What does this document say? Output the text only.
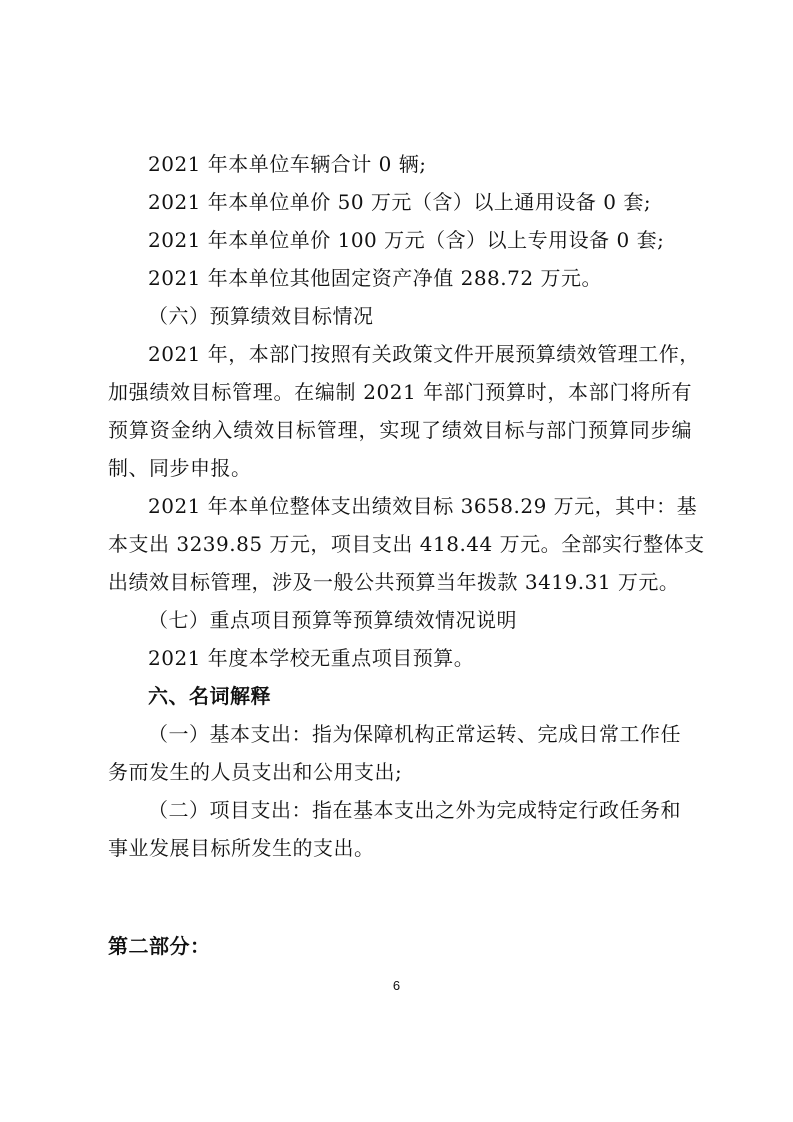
2021 年本单位车辆合计 0 辆;

2021 年本单位单价 50 万元（含）以上通用设备 0 套;

2021 年本单位单价 100 万元（含）以上专用设备 0 套;

2021 年本单位其他固定资产净值 288.72 万元。

（六）预算绩效目标情况

2021 年，本部门按照有关政策文件开展预算绩效管理工作，

加强绩效目标管理。在编制 2021 年部门预算时，本部门将所有

预算资金纳入绩效目标管理，实现了绩效目标与部门预算同步编

制、同步申报。

2021 年本单位整体支出绩效目标 3658.29 万元，其中：基

本支出 3239.85 万元，项目支出 418.44 万元。全部实行整体支

出绩效目标管理，涉及一般公共预算当年拨款 3419.31 万元。

（七）重点项目预算等预算绩效情况说明

2021 年度本学校无重点项目预算。

六、名词解释

（一）基本支出：指为保障机构正常运转、完成日常工作任

务而发生的人员支出和公用支出;

（二）项目支出：指在基本支出之外为完成特定行政任务和

事业发展目标所发生的支出。

第二部分：

6
